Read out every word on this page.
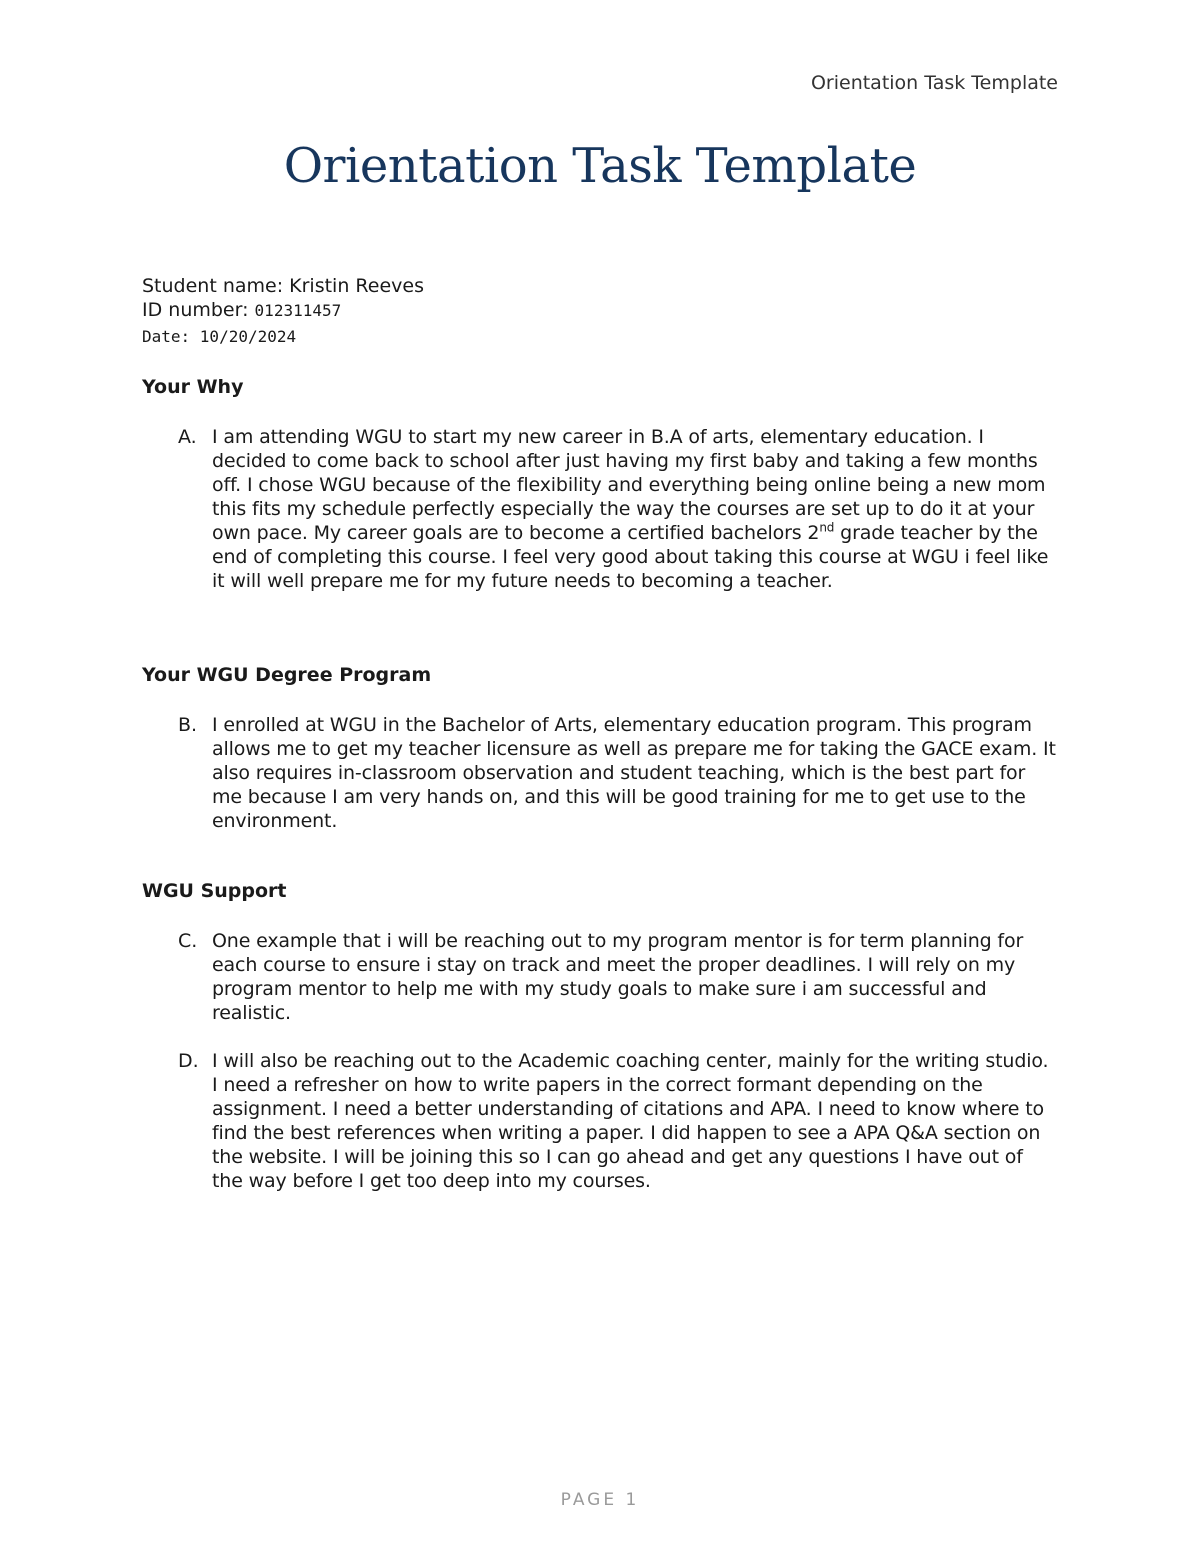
Orientation Task Template
Orientation Task Template

Student name: Kristin Reeves

ID number: 012311457

Date: 10/20/2024

Your Why

A. I am attending WGU to start my new career in B.A of arts, elementary education. I decided to come back to school after just having my first baby and taking a few months off. I chose WGU because of the flexibility and everything being online being a new mom this fits my schedule perfectly especially the way the courses are set up to do it at your own pace. My career goals are to become a certified bachelors 2nd grade teacher by the end of completing this course. I feel very good about taking this course at WGU i feel like it will well prepare me for my future needs to becoming a teacher.

Your WGU Degree Program

B. I enrolled at WGU in the Bachelor of Arts, elementary education program. This program allows me to get my teacher licensure as well as prepare me for taking the GACE exam. It also requires in-classroom observation and student teaching, which is the best part for me because I am very hands on, and this will be good training for me to get use to the environment.

WGU Support

C. One example that i will be reaching out to my program mentor is for term planning for each course to ensure i stay on track and meet the proper deadlines. I will rely on my program mentor to help me with my study goals to make sure i am successful and realistic.
D. I will also be reaching out to the Academic coaching center, mainly for the writing studio. I need a refresher on how to write papers in the correct formant depending on the assignment. I need a better understanding of citations and APA. I need to know where to find the best references when writing a paper. I did happen to see a APA Q&A section on the website. I will be joining this so I can go ahead and get any questions I have out of the way before I get too deep into my courses.
PAGE 1
